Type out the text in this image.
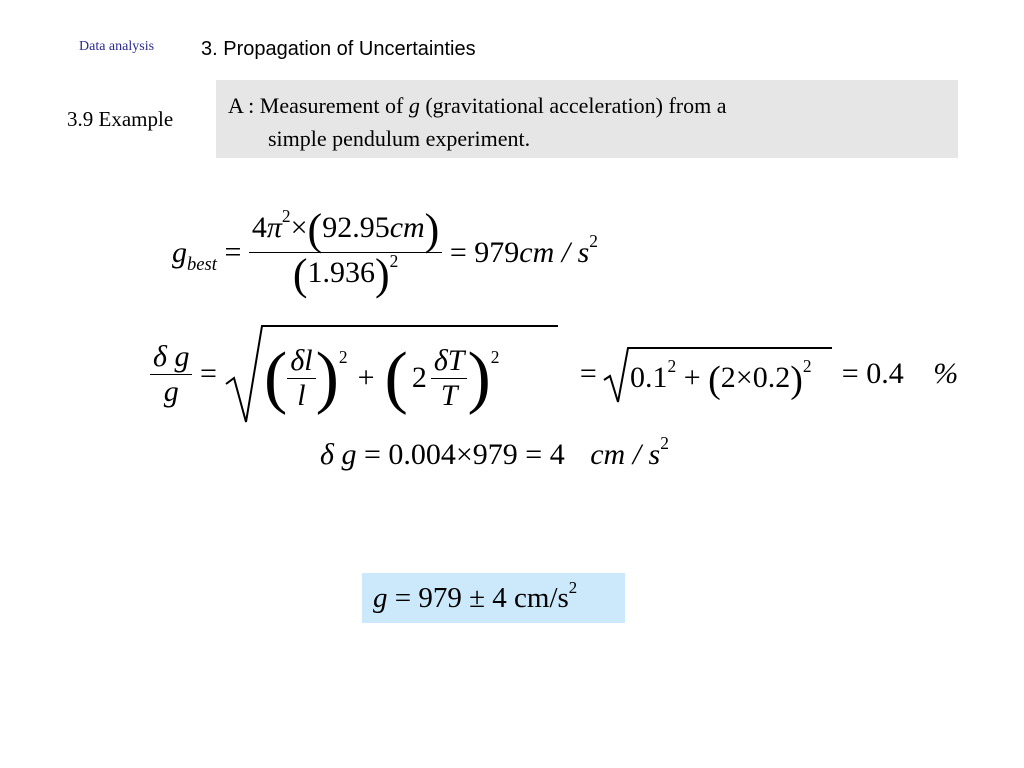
Data analysis 3. Propagation of Uncertainties
3.9 Example
A : Measurement of g (gravitational acceleration) from a
simple pendulum experiment.
$g_{best} = \frac{4\pi^2\times(92.95cm)}{(1.936)^2} = 979cm / s^2$
$\frac{\text{δ g}}{g}$ = ( $\frac{\delta l}{l} )^2$
+ ( $2 \frac{\delta T}{T} )^2$
= $0.1^2 + (2\times 0.2)^2 = 0.4$ %
δ g = 0.004×979 = 4 cm / $s^2$
g = 979 ± 4 $cm/s^2$
